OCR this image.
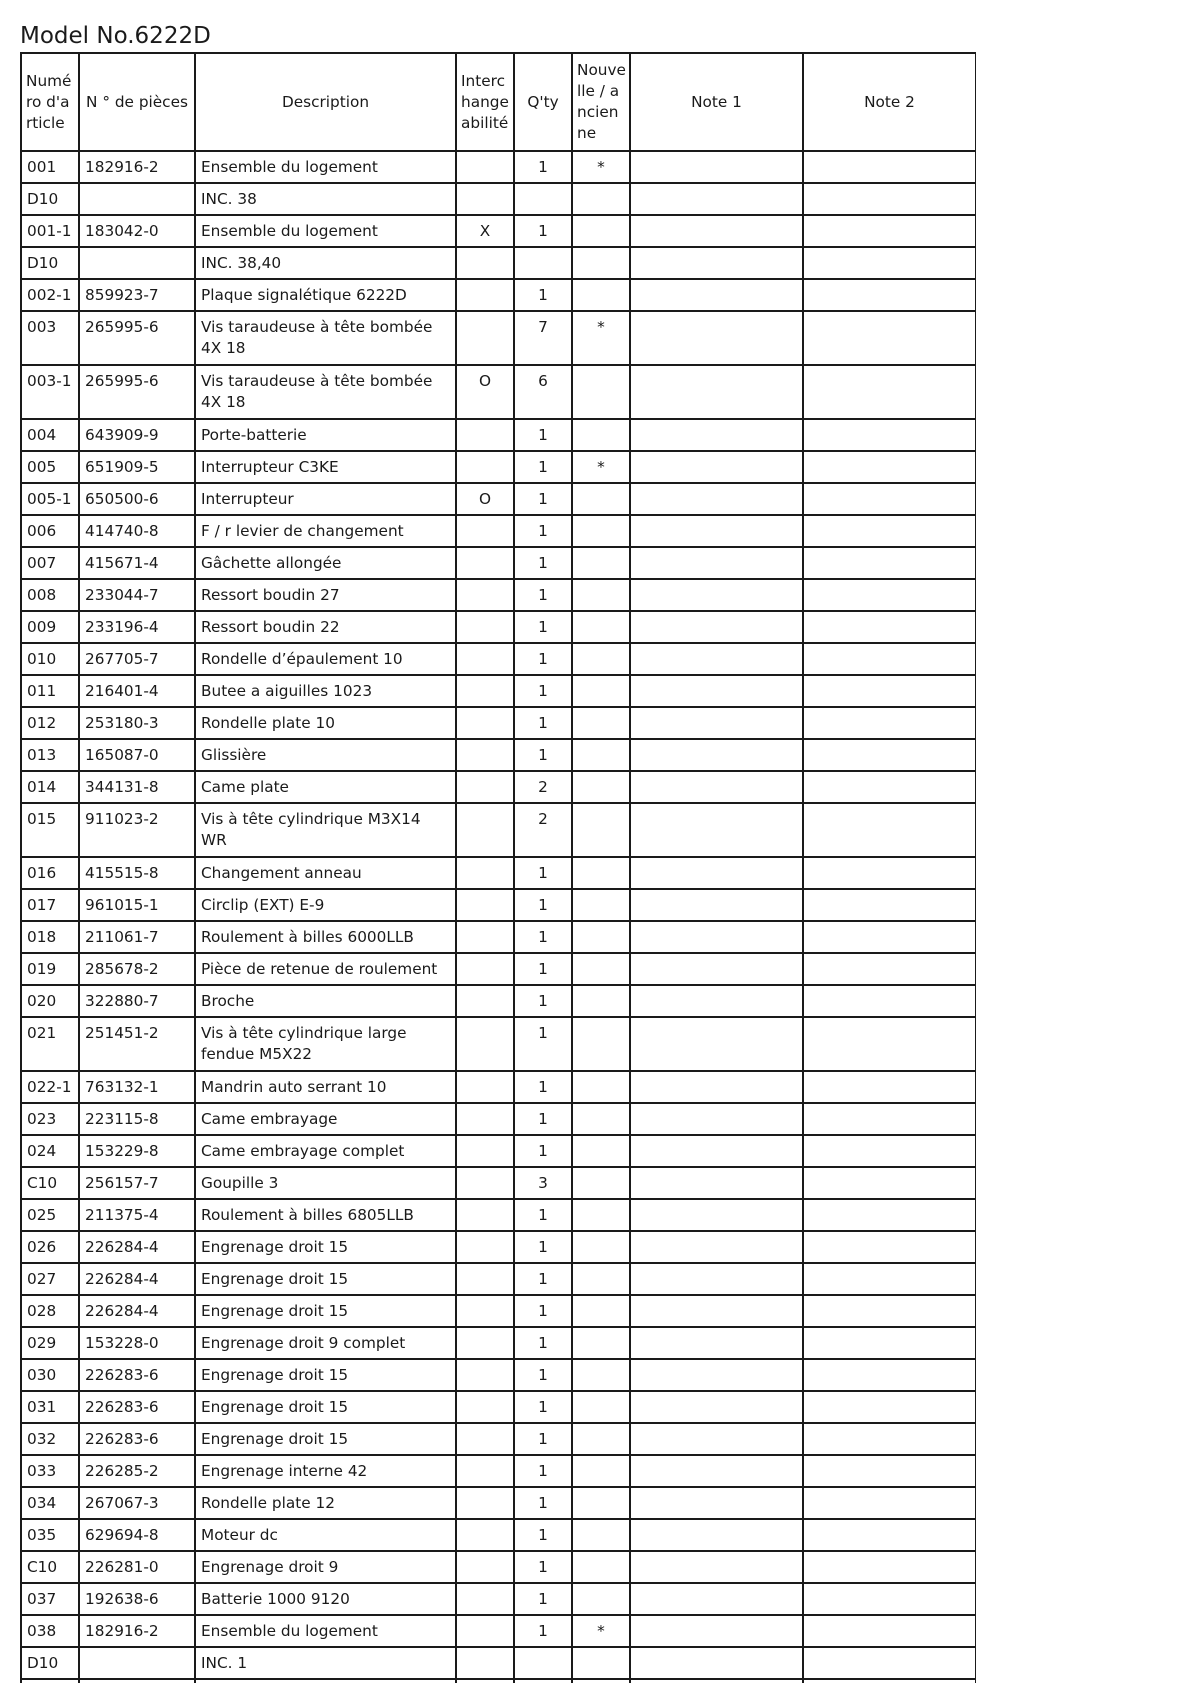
Model No.6222D
Numéro d'article	N ° de pièces	Description	Interchangeabilité	Q'ty	Nouvelle / ancienne	Note 1	Note 2
001	182916-2	Ensemble du logement		1	*		
D10		INC. 38					
001-1	183042-0	Ensemble du logement	X	1			
D10		INC. 38,40					
002-1	859923-7	Plaque signalétique 6222D		1			
003	265995-6	Vis taraudeuse à tête bombée 4X 18		7	*		
003-1	265995-6	Vis taraudeuse à tête bombée 4X 18	O	6			
004	643909-9	Porte-batterie		1			
005	651909-5	Interrupteur C3KE		1	*		
005-1	650500-6	Interrupteur	O	1			
006	414740-8	F / r levier de changement		1			
007	415671-4	Gâchette allongée		1			
008	233044-7	Ressort boudin 27		1			
009	233196-4	Ressort boudin 22		1			
010	267705-7	Rondelle d’épaulement 10		1			
011	216401-4	Butee a aiguilles 1023		1			
012	253180-3	Rondelle plate 10		1			
013	165087-0	Glissière		1			
014	344131-8	Came plate		2			
015	911023-2	Vis à tête cylindrique M3X14 WR		2			
016	415515-8	Changement anneau		1			
017	961015-1	Circlip (EXT) E-9		1			
018	211061-7	Roulement à billes 6000LLB		1			
019	285678-2	Pièce de retenue de roulement		1			
020	322880-7	Broche		1			
021	251451-2	Vis à tête cylindrique large fendue M5X22		1			
022-1	763132-1	Mandrin auto serrant 10		1			
023	223115-8	Came embrayage		1			
024	153229-8	Came embrayage complet		1			
C10	256157-7	Goupille 3		3			
025	211375-4	Roulement à billes 6805LLB		1			
026	226284-4	Engrenage droit 15		1			
027	226284-4	Engrenage droit 15		1			
028	226284-4	Engrenage droit 15		1			
029	153228-0	Engrenage droit 9 complet		1			
030	226283-6	Engrenage droit 15		1			
031	226283-6	Engrenage droit 15		1			
032	226283-6	Engrenage droit 15		1			
033	226285-2	Engrenage interne 42		1			
034	267067-3	Rondelle plate 12		1			
035	629694-8	Moteur dc		1			
C10	226281-0	Engrenage droit 9		1			
037	192638-6	Batterie 1000 9120		1			
038	182916-2	Ensemble du logement		1	*		
D10		INC. 1					
